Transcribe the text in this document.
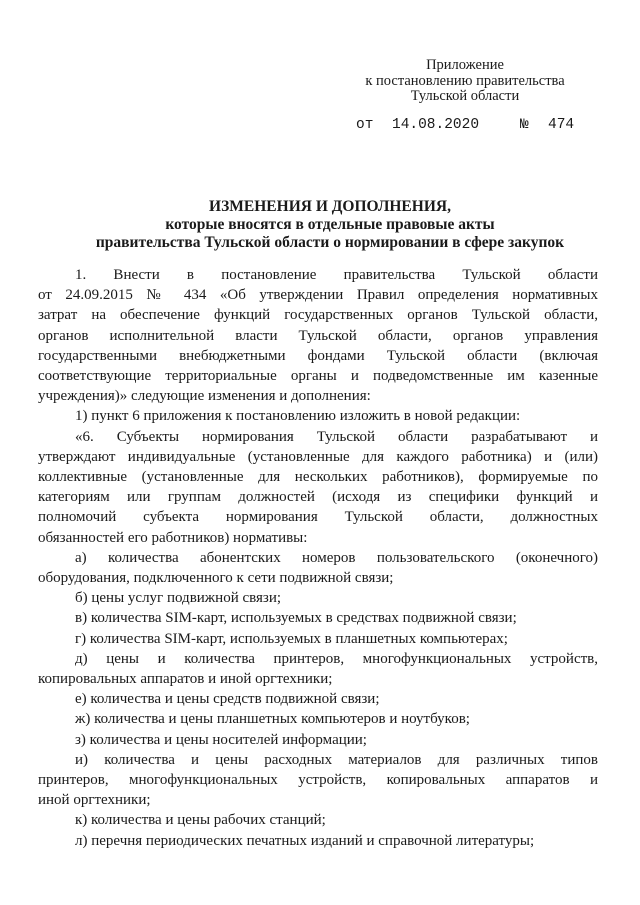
Приложение
к постановлению правительства
Тульской области
от 14.08.2020	№ 474
ИЗМЕНЕНИЯ И ДОПОЛНЕНИЯ,
которые вносятся в отдельные правовые акты
правительства Тульской области о нормировании в сфере закупок
1. Внести в постановление правительства Тульской области
от 24.09.2015 № 434 «Об утверждении Правил определения нормативных
затрат на обеспечение функций государственных органов Тульской области,
органов исполнительной власти Тульской области, органов управления
государственными внебюджетными фондами Тульской области (включая
соответствующие территориальные органы и подведомственные им казенные
учреждения)» следующие изменения и дополнения:
1) пункт 6 приложения к постановлению изложить в новой редакции:
«6. Субъекты нормирования Тульской области разрабатывают и
утверждают индивидуальные (установленные для каждого работника) и (или)
коллективные (установленные для нескольких работников), формируемые по
категориям или группам должностей (исходя из специфики функций и
полномочий субъекта нормирования Тульской области, должностных
обязанностей его работников) нормативы:
а) количества абонентских номеров пользовательского (оконечного)
оборудования, подключенного к сети подвижной связи;
б) цены услуг подвижной связи;
в) количества SIM-карт, используемых в средствах подвижной связи;
г) количества SIM-карт, используемых в планшетных компьютерах;
д) цены и количества принтеров, многофункциональных устройств,
копировальных аппаратов и иной оргтехники;
е) количества и цены средств подвижной связи;
ж) количества и цены планшетных компьютеров и ноутбуков;
з) количества и цены носителей информации;
и) количества и цены расходных материалов для различных типов
принтеров, многофункциональных устройств, копировальных аппаратов и
иной оргтехники;
к) количества и цены рабочих станций;
л) перечня периодических печатных изданий и справочной литературы;
